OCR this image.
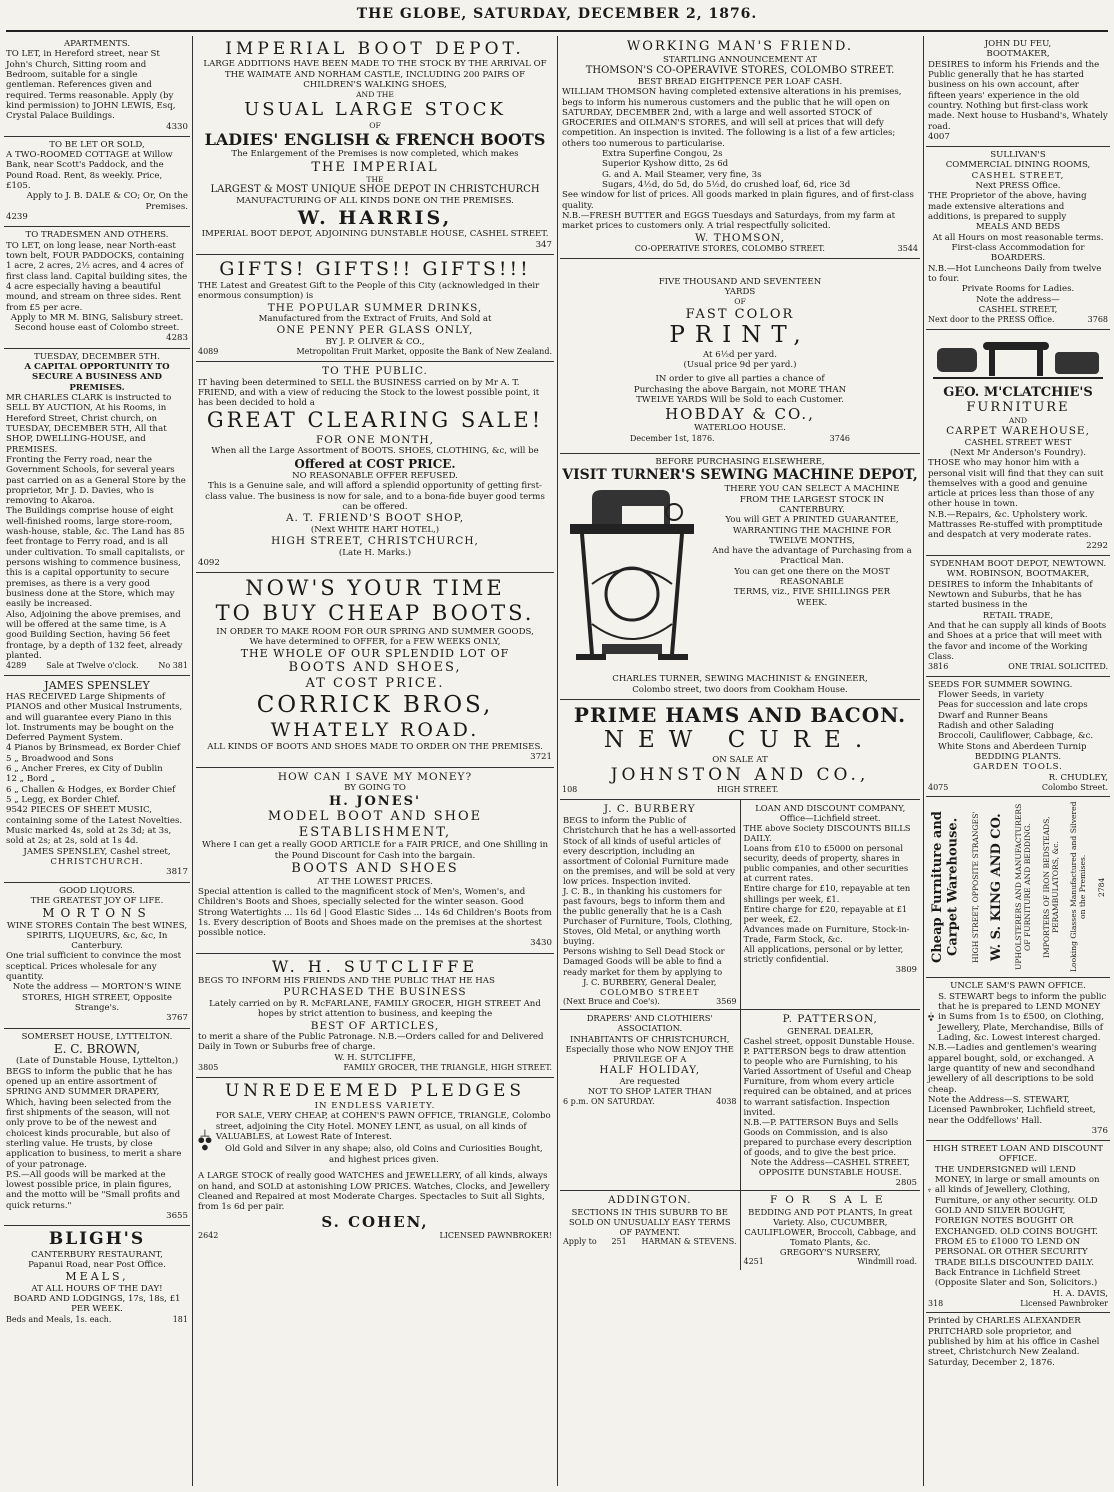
THE GLOBE, SATURDAY, DECEMBER 2, 1876.
APARTMENTS.
TO LET, in Hereford street, near St John's Church, Sitting room and Bedroom, suitable for a single gentleman. References given and required. Terms reasonable. Apply (by kind permission) to JOHN LEWIS, Esq, Crystal Palace Buildings.
4330
TO BE LET OR SOLD,
A TWO-ROOMED COTTAGE at Willow Bank, near Scott's Paddock, and the Pound Road. Rent, 8s weekly. Price, £105.
Apply to J. B. DALE & CO; Or, On the Premises.
4239
TO TRADESMEN AND OTHERS.
TO LET, on long lease, near North-east town belt, FOUR PADDOCKS, containing 1 acre, 2 acres, 2½ acres, and 4 acres of first class land. Capital building sites, the 4 acre especially having a beautiful mound, and stream on three sides. Rent from £5 per acre.
Apply to MR M. BING, Salisbury street. Second house east of Colombo street.
4283
TUESDAY, DECEMBER 5TH.
A CAPITAL OPPORTUNITY TO SECURE A BUSINESS AND PREMISES.
MR CHARLES CLARK is instructed to SELL BY AUCTION, At his Rooms, in Hereford Street, Christ church, on TUESDAY, DECEMBER 5TH, All that SHOP, DWELLING-HOUSE, and PREMISES.
Fronting the Ferry road, near the Government Schools, for several years past carried on as a General Store by the proprietor, Mr J. D. Davies, who is removing to Akaroa.
The Buildings comprise house of eight well-finished rooms, large store-room, wash-house, stable, &c. The Land has 85 feet frontage to Ferry road, and is all under cultivation. To small capitalists, or persons wishing to commence business, this is a capital opportunity to secure premises, as there is a very good business done at the Store, which may easily be increased.
Also, Adjoining the above premises, and will be offered at the same time, is A good Building Section, having 56 feet frontage, by a depth of 132 feet, already planted.
4289 Sale at Twelve o'clock. No 381
JAMES SPENSLEY
HAS RECEIVED Large Shipments of PIANOS and other Musical Instruments, and will guarantee every Piano in this lot. Instruments may be bought on the Deferred Payment System.
4 Pianos by Brinsmead, ex Border Chief
5 „ Broadwood and Sons
6 „ Ancher Freres, ex City of Dublin
12 „ Bord „
6 „ Challen & Hodges, ex Border Chief
5 „ Legg, ex Border Chief.
9542 PIECES OF SHEET MUSIC, containing some of the Latest Novelties. Music marked 4s, sold at 2s 3d; at 3s, sold at 2s; at 2s, sold at 1s 4d.
JAMES SPENSLEY, Cashel street,
CHRISTCHURCH.
3817
GOOD LIQUORS.
THE GREATEST JOY OF LIFE.
MORTONS
WINE STORES Contain The best WINES, SPIRITS, LIQUEURS, &c, &c, In Canterbury.
One trial sufficient to convince the most sceptical. Prices wholesale for any quantity.
Note the address — MORTON'S WINE STORES, HIGH STREET, Opposite Strange's.
3767
SOMERSET HOUSE, LYTTELTON.
E. C. BROWN,
(Late of Dunstable House, Lyttelton,)
BEGS to inform the public that he has opened up an entire assortment of SPRING AND SUMMER DRAPERY, Which, having been selected from the first shipments of the season, will not only prove to be of the newest and choicest kinds procurable, but also of sterling value. He trusts, by close application to business, to merit a share of your patronage.
P.S.—All goods will be marked at the lowest possible price, in plain figures, and the motto will be "Small profits and quick returns."
3655
BLIGH'S
CANTERBURY RESTAURANT,
Papanui Road, near Post Office.
MEALS,
AT ALL HOURS OF THE DAY!
BOARD AND LODGINGS, 17s, 18s, £1 PER WEEK.
Beds and Meals, 1s. each.	181
IMPERIAL BOOT DEPOT.
LARGE ADDITIONS HAVE BEEN MADE TO THE STOCK BY THE ARRIVAL OF THE WAIMATE AND NORHAM CASTLE, INCLUDING 200 PAIRS OF CHILDREN'S WALKING SHOES,
AND THE
USUAL LARGE STOCK
OF
LADIES' ENGLISH & FRENCH BOOTS
The Enlargement of the Premises is now completed, which makes
THE IMPERIAL
THE
LARGEST & MOST UNIQUE SHOE DEPOT IN CHRISTCHURCH
MANUFACTURING OF ALL KINDS DONE ON THE PREMISES.
W. HARRIS,
IMPERIAL BOOT DEPOT, ADJOINING DUNSTABLE HOUSE, CASHEL STREET.
347
GIFTS! GIFTS!! GIFTS!!!
THE Latest and Greatest Gift to the People of this City (acknowledged in their enormous consumption) is
THE POPULAR SUMMER DRINKS,
Manufactured from the Extract of Fruits, And Sold at
ONE PENNY PER GLASS ONLY,
BY J. P. OLIVER & CO.,
4089	Metropolitan Fruit Market, opposite the Bank of New Zealand.
TO THE PUBLIC.
IT having been determined to SELL the BUSINESS carried on by Mr A. T. FRIEND, and with a view of reducing the Stock to the lowest possible point, it has been decided to hold a
GREAT CLEARING SALE!
FOR ONE MONTH,
When all the Large Assortment of BOOTS. SHOES, CLOTHING, &c, will be
Offered at COST PRICE.
NO REASONABLE OFFER REFUSED.
This is a Genuine sale, and will afford a splendid opportunity of getting first-class value. The business is now for sale, and to a bona-fide buyer good terms can be offered.
A. T. FRIEND'S BOOT SHOP,
(Next WHITE HART HOTEL,)
HIGH STREET, CHRISTCHURCH,
(Late H. Marks.)
4092
NOW'S YOUR TIME
TO BUY CHEAP BOOTS.
IN ORDER TO MAKE ROOM FOR OUR SPRING AND SUMMER GOODS,
We have determined to OFFER, for a FEW WEEKS ONLY,
THE WHOLE OF OUR SPLENDID LOT OF
BOOTS AND SHOES,
AT COST PRICE.
CORRICK BROS,
WHATELY ROAD.
ALL KINDS OF BOOTS AND SHOES MADE TO ORDER ON THE PREMISES.
3721
HOW CAN I SAVE MY MONEY?
BY GOING TO
H. JONES'
MODEL BOOT AND SHOE ESTABLISHMENT,
Where I can get a really GOOD ARTICLE for a FAIR PRICE, and One Shilling in the Pound Discount for Cash into the bargain.
BOOTS AND SHOES
AT THE LOWEST PRICES.
Special attention is called to the magnificent stock of Men's, Women's, and Children's Boots and Shoes, specially selected for the winter season. Good Strong Watertights ... 1ls 6d | Good Elastic Sides ... 14s 6d Children's Boots from 1s. Every description of Boots and Shoes made on the premises at the shortest possible notice.
3430
W. H. SUTCLIFFE
BEGS TO INFORM HIS FRIENDS AND THE PUBLIC THAT HE HAS
PURCHASED THE BUSINESS
Lately carried on by R. McFARLANE, FAMILY GROCER, HIGH STREET And hopes by strict attention to business, and keeping the
BEST OF ARTICLES,
to merit a share of the Public Patronage. N.B.—Orders called for and Delivered Daily in Town or Suburbs free of charge.
W. H. SUTCLIFFE,
3805	FAMILY GROCER, THE TRIANGLE, HIGH STREET.
UNREDEEMED PLEDGES
IN ENDLESS VARIETY.

FOR SALE, VERY CHEAP, at COHEN'S PAWN OFFICE, TRIANGLE, Colombo street, adjoining the City Hotel. MONEY LENT, as usual, on all kinds of VALUABLES, at Lowest Rate of Interest.

Old Gold and Silver in any shape; also, old Coins and Curiosities Bought, and highest prices given.

A LARGE STOCK of really good WATCHES and JEWELLERY, of all kinds, always on hand, and SOLD at astonishing LOW PRICES. Watches, Clocks, and Jewellery Cleaned and Repaired at most Moderate Charges. Spectacles to Suit all Sights, from 1s 6d per pair.
S. COHEN,
2642	LICENSED PAWNBROKER!
WORKING MAN'S FRIEND.
STARTLING ANNOUNCEMENT AT
THOMSON'S CO-OPERAVIVE STORES, COLOMBO STREET.
BEST BREAD EIGHTPENCE PER LOAF CASH.
WILLIAM THOMSON having completed extensive alterations in his premises, begs to inform his numerous customers and the public that he will open on SATURDAY, DECEMBER 2nd, with a large and well assorted STOCK of GROCERIES and OILMAN'S STORES, and will sell at prices that will defy competition. An inspection is invited. The following is a list of a few articles; others too numerous to particularise.
Extra Superfine Congou, 2s
Superior Kyshow ditto, 2s 6d
G. and A. Mail Steamer, very fine, 3s
Sugars, 4½d, do 5d, do 5½d, do crushed loaf, 6d, rice 3d
See window for list of prices. All goods marked in plain figures, and of first-class quality.
N.B.—FRESH BUTTER and EGGS Tuesdays and Saturdays, from my farm at market prices to customers only. A trial respectfully solicited.
W. THOMSON,
CO-OPERATIVE STORES, COLOMBO STREET.	3544
FIVE THOUSAND AND SEVENTEEN
YARDS
OF
FAST COLOR
PRINT,
At 6½d per yard.
(Usual price 9d per yard.)
IN order to give all parties a chance of Purchasing the above Bargain, not MORE THAN TWELVE YARDS Will be Sold to each Customer.
HOBDAY & CO.,
WATERLOO HOUSE.
December 1st, 1876.	3746
BEFORE PURCHASING ELSEWHERE,
VISIT TURNER'S SEWING MACHINE DEPOT,
THERE YOU CAN SELECT A MACHINE
FROM THE LARGEST STOCK IN
CANTERBURY.
You will GET A PRINTED GUARANTEE,
WARRANTING THE MACHINE FOR
TWELVE MONTHS,
And have the advantage of Purchasing from a
Practical Man.
You can get one there on the MOST REASONABLE
TERMS, viz., FIVE SHILLINGS PER
WEEK.
CHARLES TURNER, SEWING MACHINIST & ENGINEER,
Colombo street, two doors from Cookham House.
PRIME HAMS AND BACON.
NEW CURE.
ON SALE AT
JOHNSTON AND CO.,
108	HIGH STREET.
J. C. BURBERY
BEGS to inform the Public of Christchurch that he has a well-assorted Stock of all kinds of useful articles of every description, including an assortment of Colonial Furniture made on the premises, and will be sold at very low prices. Inspection invited.
J. C. B., in thanking his customers for past favours, begs to inform them and the public generally that he is a Cash Purchaser of Furniture, Tools, Clothing, Stoves, Old Metal, or anything worth buying.
Persons wishing to Sell Dead Stock or Damaged Goods will be able to find a ready market for them by applying to
J. C. BURBERY, General Dealer,
COLOMBO STREET
(Next Bruce and Coe's).	3569
LOAN AND DISCOUNT COMPANY,
Office—Lichfield street.
THE above Society DISCOUNTS BILLS DAILY.
Loans from £10 to £5000 on personal security, deeds of property, shares in public companies, and other securities at current rates.
Entire charge for £10, repayable at ten shillings per week, £1.
Entire charge for £20, repayable at £1 per week, £2.
Advances made on Furniture, Stock-in-Trade, Farm Stock, &c.
All applications, personal or by letter, strictly confidential.
3809
DRAPERS' AND CLOTHIERS' ASSOCIATION.
INHABITANTS OF CHRISTCHURCH, Especially those who NOW ENJOY THE PRIVILEGE OF A
HALF HOLIDAY,
Are requested
NOT TO SHOP LATER THAN
6 p.m. ON SATURDAY.	4038
P. PATTERSON,
GENERAL DEALER,
Cashel street, opposit Dunstable House.
P. PATTERSON begs to draw attention to people who are Furnishing, to his Varied Assortment of Useful and Cheap Furniture, from whom every article required can be obtained, and at prices to warrant satisfaction. Inspection invited.
N.B.—P. PATTERSON Buys and Sells Goods on Commission, and is also prepared to purchase every description of goods, and to give the best price.
Note the Address—CASHEL STREET, OPPOSITE DUNSTABLE HOUSE.
2805
ADDINGTON.
SECTIONS IN THIS SUBURB TO BE SOLD ON UNUSUALLY EASY TERMS OF PAYMENT.
Apply to 251 HARMAN & STEVENS.
FOR SALE
BEDDING AND POT PLANTS, In great Variety. Also, CUCUMBER, CAULIFLOWER, Broccoli, Cabbage, and Tomato Plants, &c.
GREGORY'S NURSERY,
4251	Windmill road.
JOHN DU FEU,
BOOTMAKER,
DESIRES to inform his Friends and the Public generally that he has started business on his own account, after fifteen years' experience in the old country. Nothing but first-class work made. Next house to Husband's, Whately road.
4007
SULLIVAN'S
COMMERCIAL DINING ROOMS,
CASHEL STREET,
Next PRESS Office.
THE Proprietor of the above, having made extensive alterations and additions, is prepared to supply
MEALS AND BEDS
At all Hours on most reasonable terms.
First-class Accommodation for BOARDERS.
N.B.—Hot Luncheons Daily from twelve to four.
Private Rooms for Ladies.
Note the address—
CASHEL STREET,
Next door to the PRESS Office.	3768
GEO. M'CLATCHIE'S
FURNITURE
AND
CARPET WAREHOUSE,
CASHEL STREET WEST
(Next Mr Anderson's Foundry).
THOSE who may honor him with a personal visit will find that they can suit themselves with a good and genuine article at prices less than those of any other house in town.
N.B.—Repairs, &c. Upholstery work. Mattrasses Re-stuffed with promptitude and despatch at very moderate rates.
2292
SYDENHAM BOOT DEPOT, NEWTOWN.
WM. ROBINSON, BOOTMAKER,
DESIRES to inform the Inhabitants of Newtown and Suburbs, that he has started business in the
RETAIL TRADE,
And that he can supply all kinds of Boots and Shoes at a price that will meet with the favor and income of the Working Class.
3816	ONE TRIAL SOLICITED.
SEEDS FOR SUMMER SOWING.
Flower Seeds, in variety
Peas for succession and late crops
Dwarf and Runner Beans
Radish and other Salading
Broccoli, Cauliflower, Cabbage, &c.
White Stons and Aberdeen Turnip
BEDDING PLANTS.
GARDEN TOOLS.
R. CHUDLEY,
4075	Colombo Street.
Cheap Furniture and Carpet Warehouse. HIGH STREET, OPPOSITE STRANGES' W. S. KING AND CO. UPHOLSTERERS AND MANUFACTURERS OF FURNITURE AND BEDDING. IMPORTERS OF IRON BEDSTEADS, PERAMBULATORS, &c. Looking Glasses Manufactured and Silvered on the Premises. 2784
UNCLE SAM'S PAWN OFFICE.
S. STEWART begs to inform the public that he is prepared to LEND MONEY in Sums from 1s to £500, on Clothing, Jewellery, Plate, Merchandise, Bills of Lading, &c. Lowest interest charged.
N.B.—Ladies and gentlemen's wearing apparel bought, sold, or exchanged. A large quantity of new and secondhand jewellery of all descriptions to be sold cheap.
Note the Address—S. STEWART, Licensed Pawnbroker, Lichfield street, near the Oddfellows' Hall.
376
HIGH STREET LOAN AND DISCOUNT OFFICE.
THE UNDERSIGNED will LEND MONEY, in large or small amounts on all kinds of Jewellery, Clothing, Furniture, or any other security. OLD GOLD AND SILVER BOUGHT, FOREIGN NOTES BOUGHT OR EXCHANGED. OLD COINS BOUGHT. FROM £5 to £1000 TO LEND ON PERSONAL OR OTHER SECURITY TRADE BILLS DISCOUNTED DAILY. Back Entrance in Lichfield Street (Opposite Slater and Son, Solicitors.)
H. A. DAVIS,
318	Licensed Pawnbroker
Printed by CHARLES ALEXANDER PRITCHARD sole proprietor, and published by him at his office in Cashel street, Christchurch New Zealand. Saturday, December 2, 1876.
